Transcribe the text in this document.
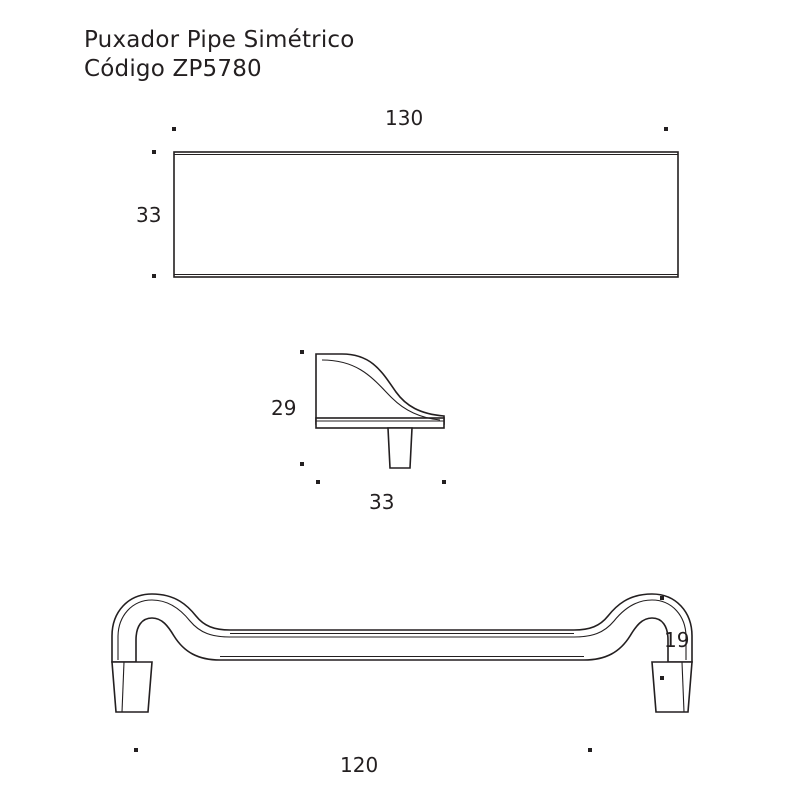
Puxador Pipe Simétrico
Código ZP5780
130
33
29
33
19
120
